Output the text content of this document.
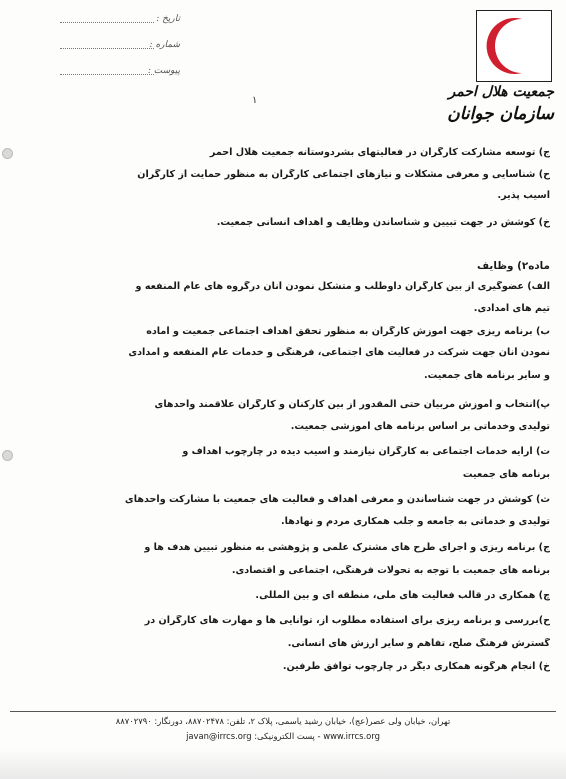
جمعیت هلال احمر
سازمان جوانان
تاریخ :
شماره :
پیوست :
۱
ج) توسعه مشارکت کارگران در فعالیتهای بشردوستانه جمعیت هلال احمر
ح) شناسایی و معرفی مشکلات و نیازهای اجتماعی کارگران به منظور حمایت از کارگران
آسیب پذیر.
خ) کوشش در جهت تبیین و شناساندن وظایف و اهداف انسانی جمعیت.
ماده۲) وظایف
الف) عضوگیری از بین کارگران داوطلب و متشکل نمودن آنان درگروه های عام المنفعه و
تیم های امدادی.
ب) برنامه ریزی جهت آموزش کارگران به منظور تحقق اهداف اجتماعی جمعیت و آماده
نمودن آنان جهت شرکت در فعالیت های اجتماعی، فرهنگی و خدمات عام المنفعه و امدادی
و سایر برنامه های جمعیت.
پ)انتخاب و آموزش مربیان حتی المقدور از بین کارکنان و کارگران علاقمند واحدهای
تولیدی وخدماتی بر اساس برنامه های آموزشی جمعیت.
ت) ارایه خدمات اجتماعی به کارگران نیازمند و آسیب دیده در چارچوب اهداف و
برنامه های جمعیت
ث) کوشش در جهت شناساندن و معرفی اهداف و فعالیت های جمعیت با مشارکت واحدهای
تولیدی و خدماتی به جامعه و جلب همکاری مردم و نهادها.
ج) برنامه ریزی و اجرای طرح های مشترک علمی و پژوهشی به منظور تبیین هدف ها و
برنامه های جمعیت با توجه به تحولات فرهنگی، اجتماعی و اقتصادی.
چ) همکاری در قالب فعالیت های ملی، منطقه ای و بین المللی.
ح)بررسی و برنامه ریزی برای استفاده مطلوب از، توانایی ها و مهارت های کارگران در
گسترش فرهنگ صلح، تفاهم و سایر ارزش های انسانی.
خ) انجام هرگونه همکاری دیگر در چارچوب توافق طرفین.
تهران، خیابان ولی عصر(عج)، خیابان رشید یاسمی، پلاک ۲، تلفن: ۸۸۷۰۲۴۷۸، دورنگار: ۸۸۷۰۲۷۹۰
www.irrcs.org - پست الکترونیکی: javan@irrcs.org
